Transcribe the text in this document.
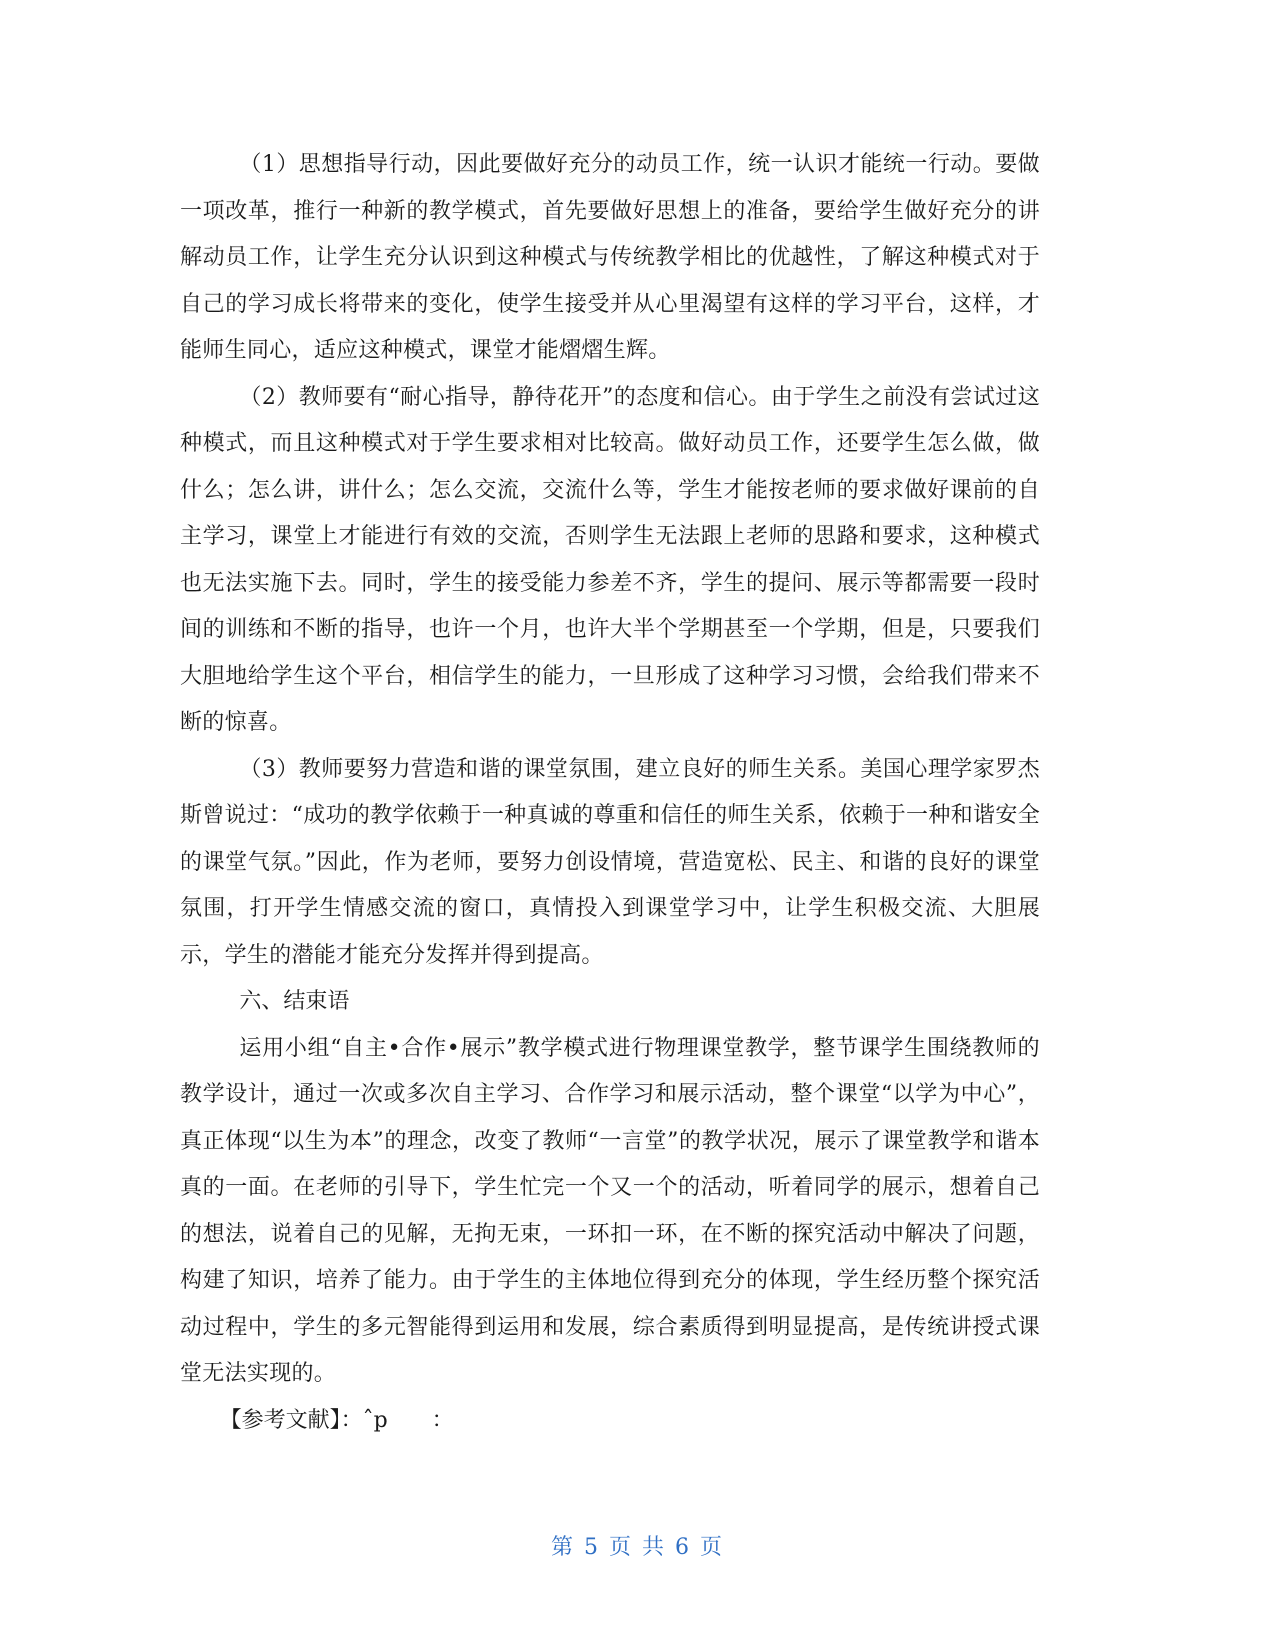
（1）思想指导行动，因此要做好充分的动员工作，统一认识才能统一行动。要做一项改革，推行一种新的教学模式，首先要做好思想上的准备，要给学生做好充分的讲解动员工作，让学生充分认识到这种模式与传统教学相比的优越性，了解这种模式对于自己的学习成长将带来的变化，使学生接受并从心里渴望有这样的学习平台，这样，才能师生同心，适应这种模式，课堂才能熠熠生辉。

（2）教师要有“耐心指导，静待花开”的态度和信心。由于学生之前没有尝试过这种模式，而且这种模式对于学生要求相对比较高。做好动员工作，还要学生怎么做，做什么；怎么讲，讲什么；怎么交流，交流什么等，学生才能按老师的要求做好课前的自主学习，课堂上才能进行有效的交流，否则学生无法跟上老师的思路和要求，这种模式也无法实施下去。同时，学生的接受能力参差不齐，学生的提问、展示等都需要一段时间的训练和不断的指导，也许一个月，也许大半个学期甚至一个学期，但是，只要我们大胆地给学生这个平台，相信学生的能力，一旦形成了这种学习习惯，会给我们带来不断的惊喜。

（3）教师要努力营造和谐的课堂氛围，建立良好的师生关系。美国心理学家罗杰斯曾说过：“成功的教学依赖于一种真诚的尊重和信任的师生关系，依赖于一种和谐安全的课堂气氛。”因此，作为老师，要努力创设情境，营造宽松、民主、和谐的良好的课堂氛围，打开学生情感交流的窗口，真情投入到课堂学习中，让学生积极交流、大胆展示，学生的潜能才能充分发挥并得到提高。

六、结束语

运用小组“自主•合作•展示”教学模式进行物理课堂教学，整节课学生围绕教师的教学设计，通过一次或多次自主学习、合作学习和展示活动，整个课堂“以学为中心”，真正体现“以生为本”的理念，改变了教师“一言堂”的教学状况，展示了课堂教学和谐本真的一面。在老师的引导下，学生忙完一个又一个的活动，听着同学的展示，想着自己的想法，说着自己的见解，无拘无束，一环扣一环，在不断的探究活动中解决了问题，构建了知识，培养了能力。由于学生的主体地位得到充分的体现，学生经历整个探究活动过程中，学生的多元智能得到运用和发展，综合素质得到明显提高，是传统讲授式课堂无法实现的。

【参考文献】：ˆp　　：

第 5 页 共 6 页
